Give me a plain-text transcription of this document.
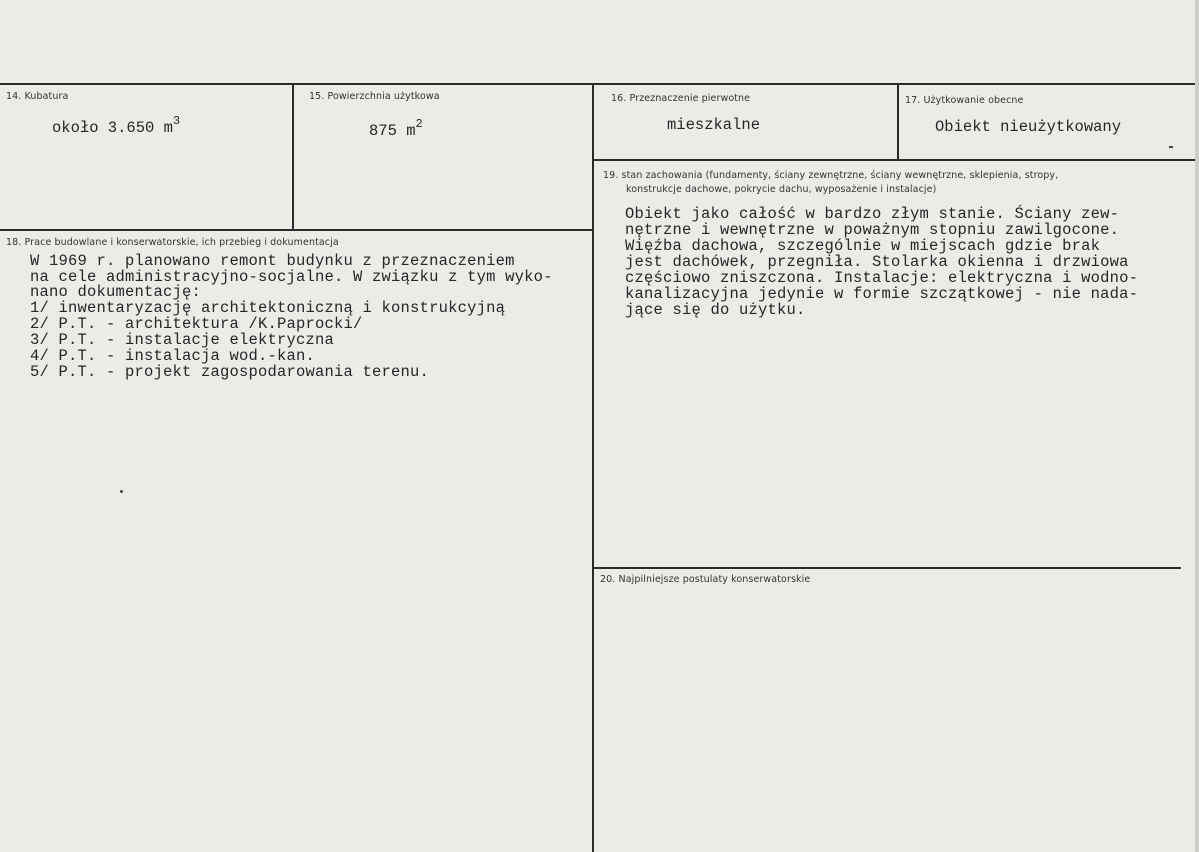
14. Kubatura
około 3.650 $m^3$
15. Powierzchnia użytkowa
875 $m^2$
16. Przeznaczenie pierwotne
mieszkalne
17. Użytkowanie obecne
Obiekt nieużytkowany
18. Prace budowlane i konserwatorskie, ich przebieg i dokumentacja
W 1969 r. planowano remont budynku z przeznaczeniem
na cele administracyjno-socjalne. W związku z tym wyko-
nano dokumentację:
1/ inwentaryzację architektoniczną i konstrukcyjną
2/ P.T. - architektura /K.Paprocki/
3/ P.T. - instalacje elektryczna
4/ P.T. - instalacja wod.-kan.
5/ P.T. - projekt zagospodarowania terenu.
19. stan zachowania (fundamenty, ściany zewnętrzne, ściany wewnętrzne, sklepienia, stropy,
konstrukcje dachowe, pokrycie dachu, wyposażenie i instalacje)
Obiekt jako całość w bardzo złym stanie. Ściany zew-
nętrzne i wewnętrzne w poważnym stopniu zawilgocone.
Więźba dachowa, szczególnie w miejscach gdzie brak
jest dachówek, przegniła. Stolarka okienna i drzwiowa
częściowo zniszczona. Instalacje: elektryczna i wodno-
kanalizacyjna jedynie w formie szczątkowej - nie nada-
jące się do użytku.
20. Najpilniejsze postulaty konserwatorskie
